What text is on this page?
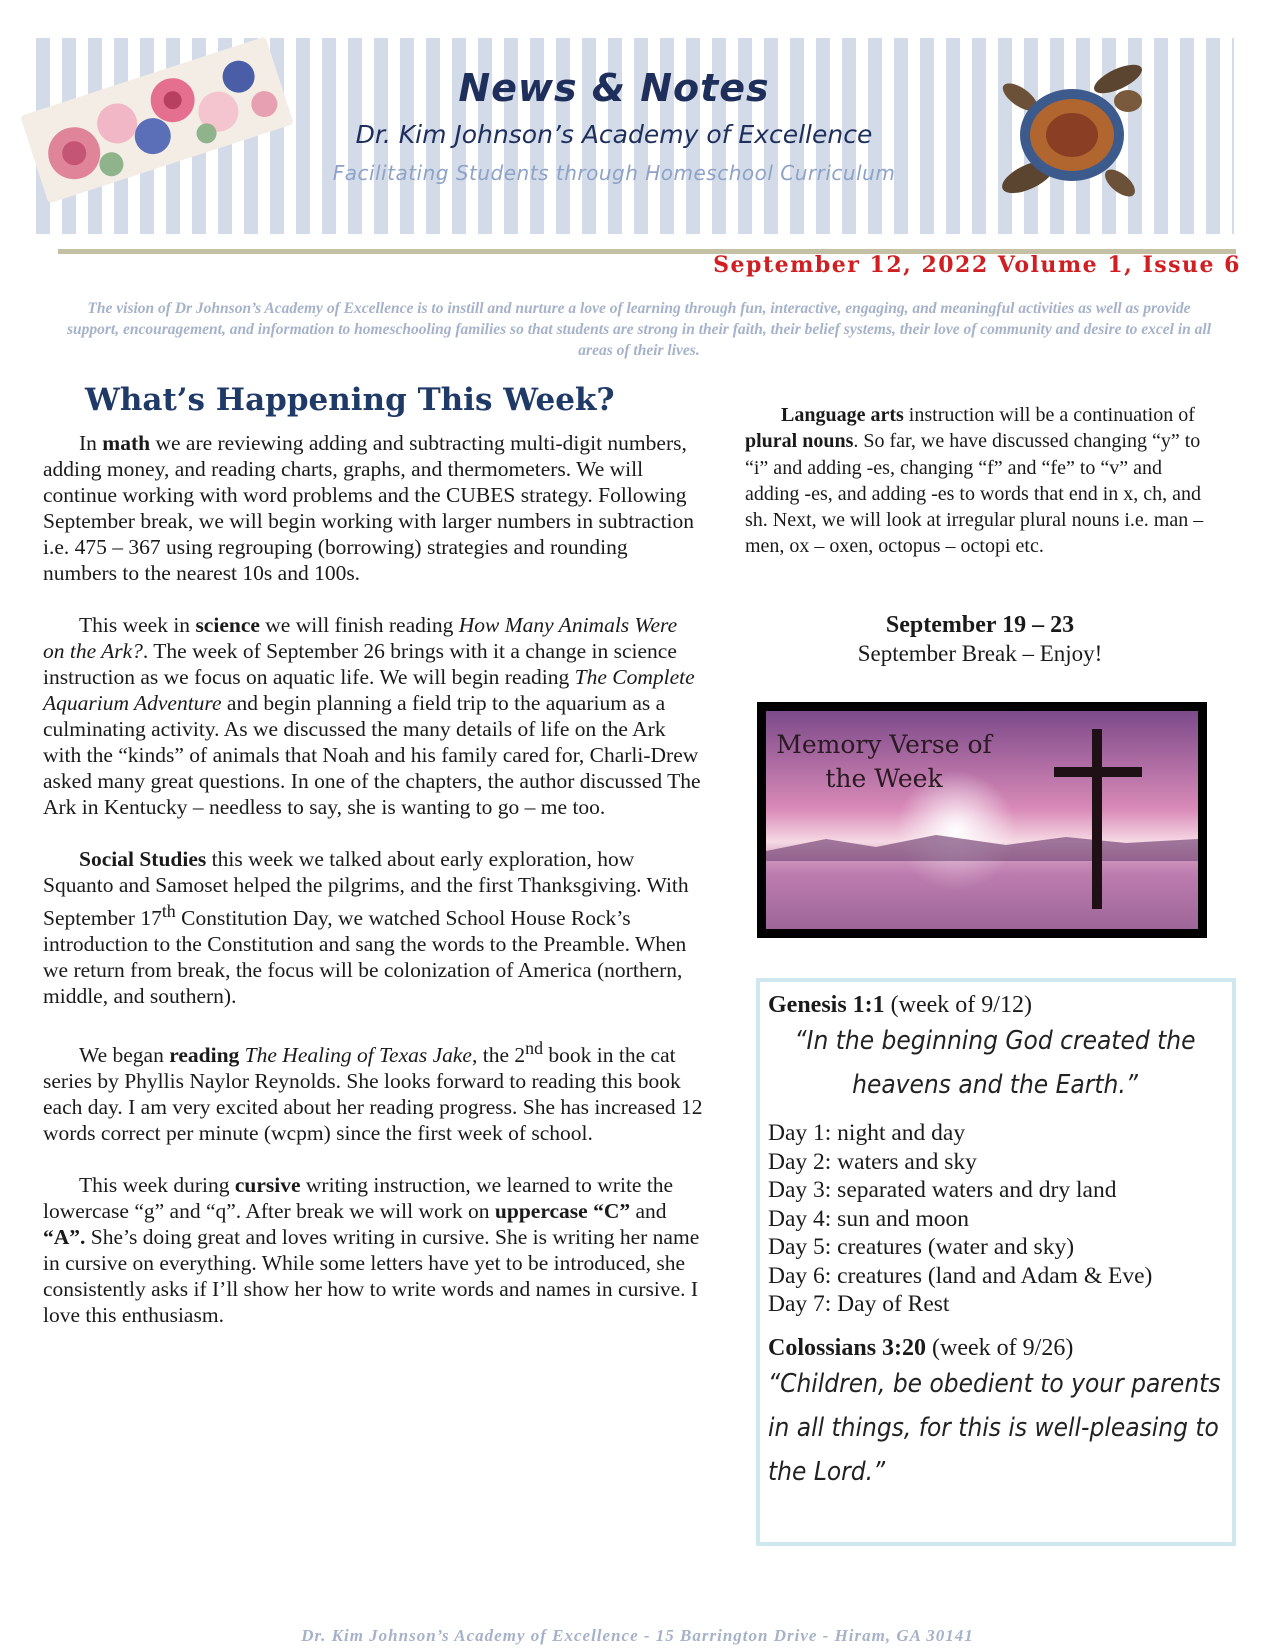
News & Notes
Dr. Kim Johnson’s Academy of Excellence
Facilitating Students through Homeschool Curriculum
September 12, 2022 Volume 1, Issue 6
The vision of Dr Johnson’s Academy of Excellence is to instill and nurture a love of learning through fun, interactive, engaging, and meaningful activities as well as provide support, encouragement, and information to homeschooling families so that students are strong in their faith, their belief systems, their love of community and desire to excel in all areas of their lives.
What’s Happening This Week?

In math we are reviewing adding and subtracting multi-digit numbers, adding money, and reading charts, graphs, and thermometers. We will continue working with word problems and the CUBES strategy. Following September break, we will begin working with larger numbers in subtraction i.e. 475 – 367 using regrouping (borrowing) strategies and rounding numbers to the nearest 10s and 100s.

This week in science we will finish reading How Many Animals Were on the Ark?. The week of September 26 brings with it a change in science instruction as we focus on aquatic life. We will begin reading The Complete Aquarium Adventure and begin planning a field trip to the aquarium as a culminating activity. As we discussed the many details of life on the Ark with the “kinds” of animals that Noah and his family cared for, Charli-Drew asked many great questions. In one of the chapters, the author discussed The Ark in Kentucky – needless to say, she is wanting to go – me too.

Social Studies this week we talked about early exploration, how Squanto and Samoset helped the pilgrims, and the first Thanksgiving. With September 17th Constitution Day, we watched School House Rock’s introduction to the Constitution and sang the words to the Preamble. When we return from break, the focus will be colonization of America (northern, middle, and southern).

We began reading The Healing of Texas Jake, the 2nd book in the cat series by Phyllis Naylor Reynolds. She looks forward to reading this book each day. I am very excited about her reading progress. She has increased 12 words correct per minute (wcpm) since the first week of school.

This week during cursive writing instruction, we learned to write the lowercase “g” and “q”. After break we will work on uppercase “C” and “A”. She’s doing great and loves writing in cursive. She is writing her name in cursive on everything. While some letters have yet to be introduced, she consistently asks if I’ll show her how to write words and names in cursive. I love this enthusiasm.

Language arts instruction will be a continuation of plural nouns. So far, we have discussed changing “y” to “i” and adding -es, changing “f” and “fe” to “v” and adding -es, and adding -es to words that end in x, ch, and sh. Next, we will look at irregular plural nouns i.e. man – men, ox – oxen, octopus – octopi etc.

September 19 – 23

September Break – Enjoy!

Memory Verse of
the Week

Genesis 1:1 (week of 9/12)

“In the beginning God created the heavens and the Earth.”

Day 1: night and day
Day 2: waters and sky
Day 3: separated waters and dry land
Day 4: sun and moon
Day 5: creatures (water and sky)
Day 6: creatures (land and Adam & Eve)
Day 7: Day of Rest

Colossians 3:20 (week of 9/26)

“Children, be obedient to your parents in all things, for this is well-pleasing to the Lord.”

Dr. Kim Johnson’s Academy of Excellence - 15 Barrington Drive - Hiram, GA 30141
